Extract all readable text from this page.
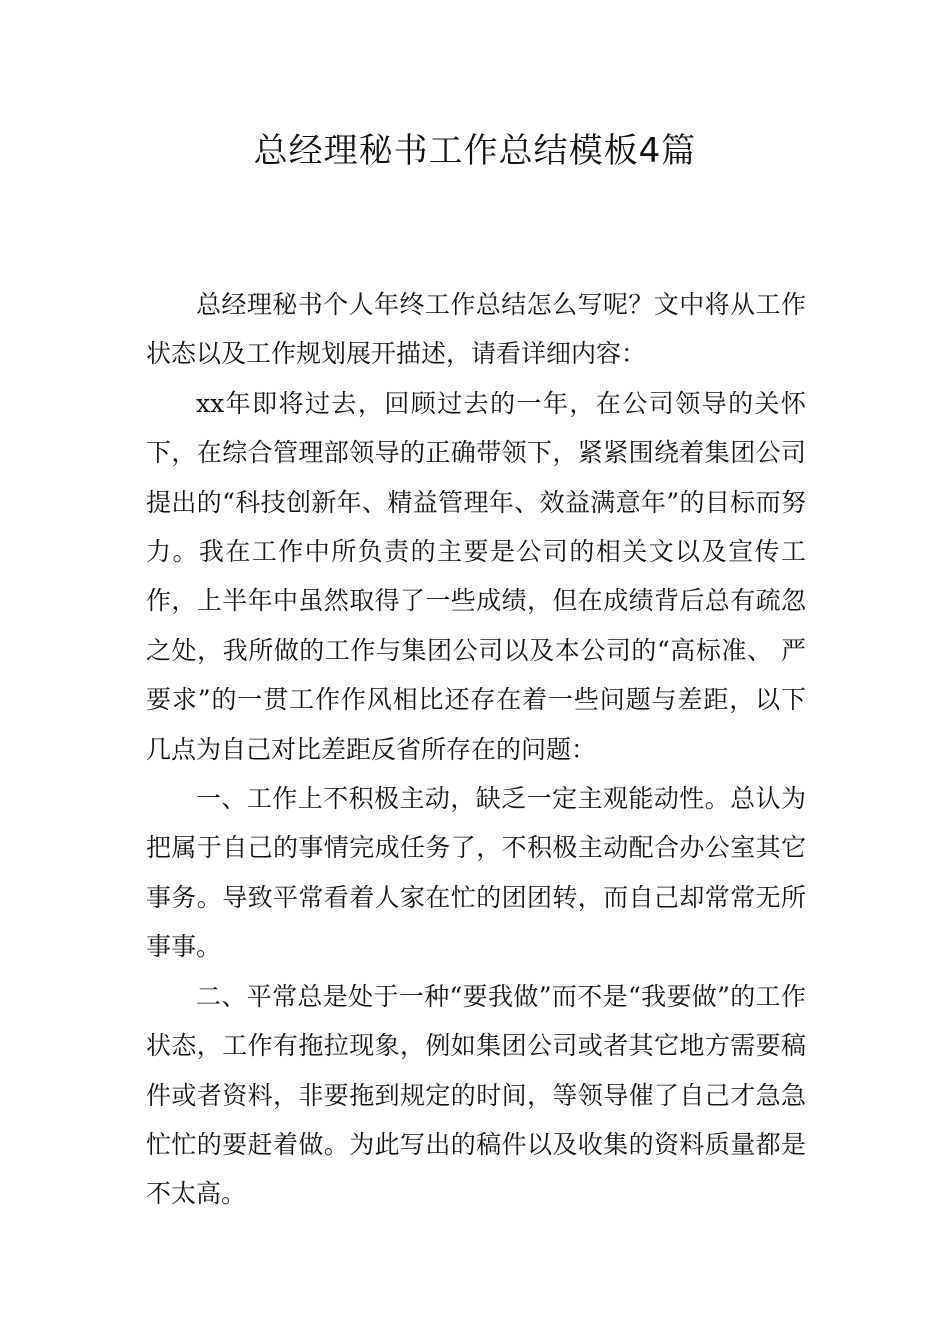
总经理秘书工作总结模板4篇

总经理秘书个人年终工作总结怎么写呢？文中将从工作状态以及工作规划展开描述，请看详细内容：

xx年即将过去，回顾过去的一年，在公司领导的关怀下，在综合管理部领导的正确带领下，紧紧围绕着集团公司提出的“科技创新年、精益管理年、效益满意年”的目标而努力。我在工作中所负责的主要是公司的相关文以及宣传工作，上半年中虽然取得了一些成绩，但在成绩背后总有疏忽之处，我所做的工作与集团公司以及本公司的“高标准、 严要求”的一贯工作作风相比还存在着一些问题与差距，以下几点为自己对比差距反省所存在的问题：

一、工作上不积极主动，缺乏一定主观能动性。总认为把属于自己的事情完成任务了，不积极主动配合办公室其它事务。导致平常看着人家在忙的团团转，而自己却常常无所事事。

二、平常总是处于一种“要我做”而不是“我要做”的工作状态，工作有拖拉现象，例如集团公司或者其它地方需要稿件或者资料，非要拖到规定的时间，等领导催了自己才急急忙忙的要赶着做。为此写出的稿件以及收集的资料质量都是不太高。
